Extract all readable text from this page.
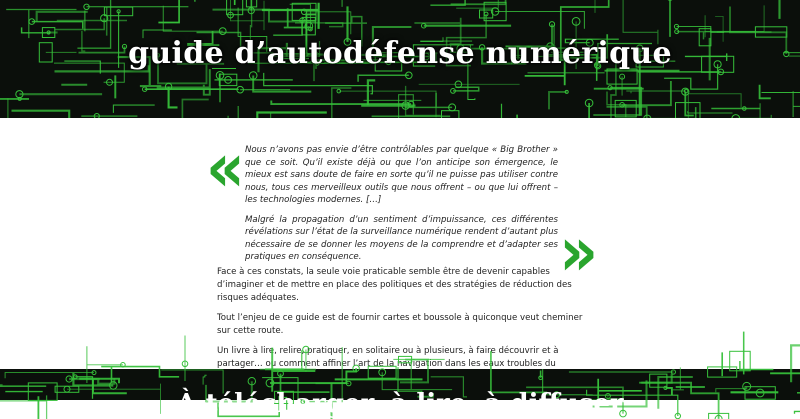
guide d’autodéfense numérique
« Nous n’avons pas envie d’être contrôlables par quelque « Big Brother » que ce soit. Qu’il existe déjà ou que l’on anticipe son émergence, le mieux est sans doute de faire en sorte qu’il ne puisse pas utiliser contre nous, tous ces merveilleux outils que nous offrent – ou que lui offrent – les technologies modernes. […]

Malgré la propagation d’un sentiment d’impuissance, ces différentes révélations sur l’état de la surveillance numérique rendent d’autant plus nécessaire de se donner les moyens de la comprendre et d’adapter ses pratiques en conséquence.	»

Face à ces constats, la seule voie praticable semble être de devenir capables d’imaginer et de mettre en place des politiques et des stratégies de réduction des risques adéquates.

Tout l’enjeu de ce guide est de fournir cartes et boussole à quiconque veut cheminer sur cette route.

Un livre à lire, relire, pratiquer, en solitaire ou à plusieurs, à faire découvrir et à partager… ou comment affiner l’art de la navigation dans les eaux troubles du

À télécharger, à lire, à diffuser
